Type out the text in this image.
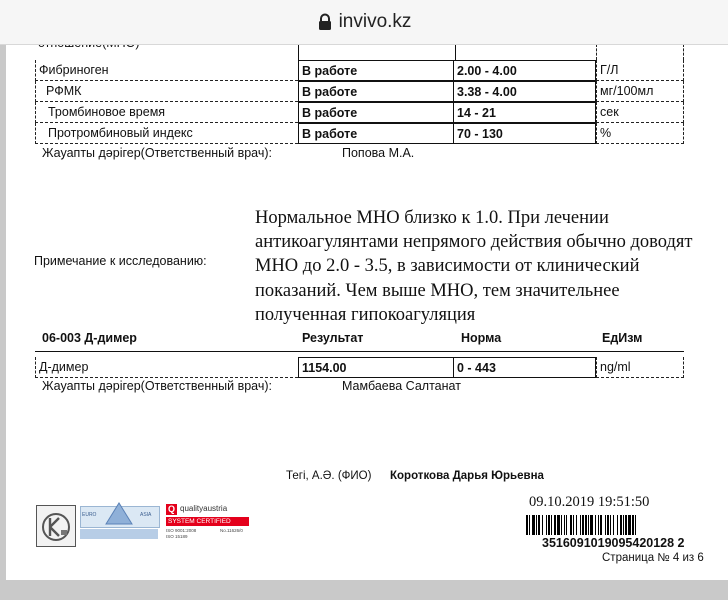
invivo.kz
Фибриноген	В работе	2.00 - 4.00	Г/Л
РФМК	В работе	3.38 - 4.00	мг/100мл
Тромбиновое время	В работе	14 - 21	сек
Протромбиновый индекс	В работе	70 - 130	%
Жауапты дәрігер(Ответственный врач):	Попова М.А.
Примечание к исследованию:
Нормальное МНО близко к 1.0. При лечении антикоагулянтами непрямого действия обычно доводят МНО до 2.0 - 3.5, в зависимости от клинический показаний. Чем выше МНО, тем значительнее полученная гипокоагуляция
06-003 Д-димер	Результат	Норма	ЕдИзм
Д-димер	1154.00	0 - 443	ng/ml
Жауапты дәрігер(Ответственный врач):	Мамбаева Салтанат
Тегі, А.Ә. (ФИО) Короткова Дарья Юрьевна
EURO	ASIA
Q qualityaustria
SYSTEM CERTIFIED
ISO 9001:2008	No.11626/0
ISO 15189
09.10.2019 19:51:50
3516091019095420128 2
Страница № 4 из 6
